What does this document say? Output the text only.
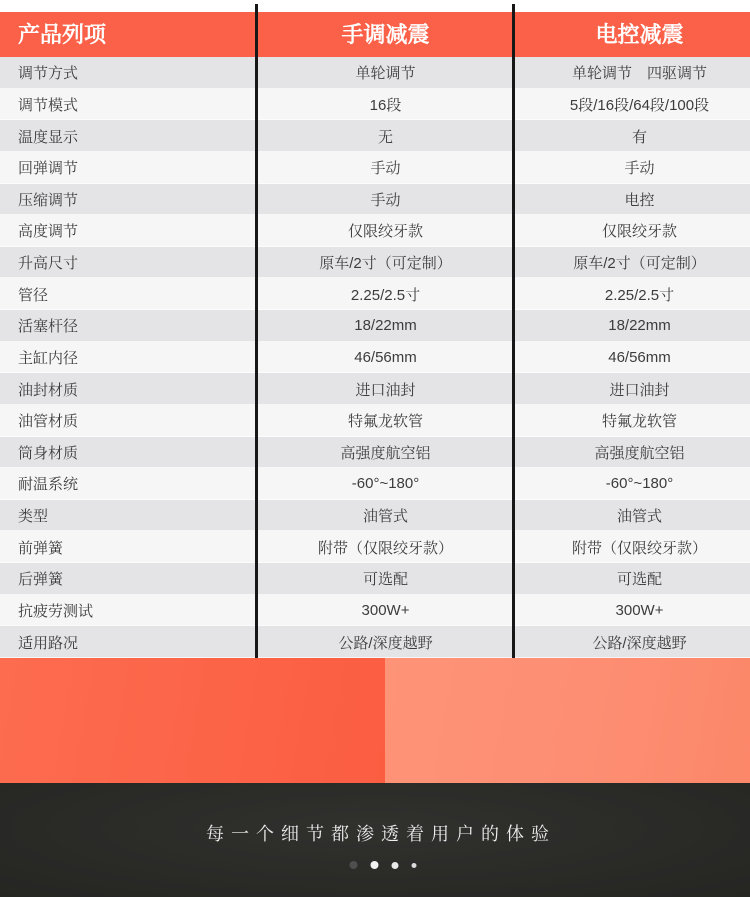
产品列项	手调减震	电控减震
调节方式	单轮调节	单轮调节　四驱调节
调节模式	16段	5段/16段/64段/100段
温度显示	无	有
回弹调节	手动	手动
压缩调节	手动	电控
高度调节	仅限绞牙款	仅限绞牙款
升高尺寸	原车/2寸（可定制）	原车/2寸（可定制）
管径	2.25/2.5寸	2.25/2.5寸
活塞杆径	18/22mm	18/22mm
主缸内径	46/56mm	46/56mm
油封材质	进口油封	进口油封
油管材质	特氟龙软管	特氟龙软管
筒身材质	高强度航空铝	高强度航空铝
耐温系统	-60°~180°	-60°~180°
类型	油管式	油管式
前弹簧	附带（仅限绞牙款）	附带（仅限绞牙款）
后弹簧	可选配	可选配
抗疲劳测试	300W+	300W+
适用路况	公路/深度越野	公路/深度越野
每一个细节都渗透着用户的体验
